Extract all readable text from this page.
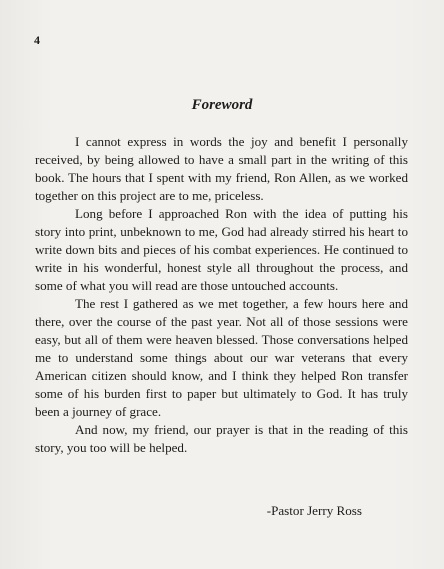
4
Foreword

I cannot express in words the joy and benefit I personally received, by being allowed to have a small part in the writing of this book. The hours that I spent with my friend, Ron Allen, as we worked together on this project are to me, priceless.

Long before I approached Ron with the idea of putting his story into print, unbeknown to me, God had already stirred his heart to write down bits and pieces of his combat experiences. He continued to write in his wonderful, honest style all throughout the process, and some of what you will read are those untouched accounts.

The rest I gathered as we met together, a few hours here and there, over the course of the past year. Not all of those sessions were easy, but all of them were heaven blessed. Those conversations helped me to understand some things about our war veterans that every American citizen should know, and I think they helped Ron transfer some of his burden first to paper but ultimately to God. It has truly been a journey of grace.

And now, my friend, our prayer is that in the reading of this story, you too will be helped.

-Pastor Jerry Ross
